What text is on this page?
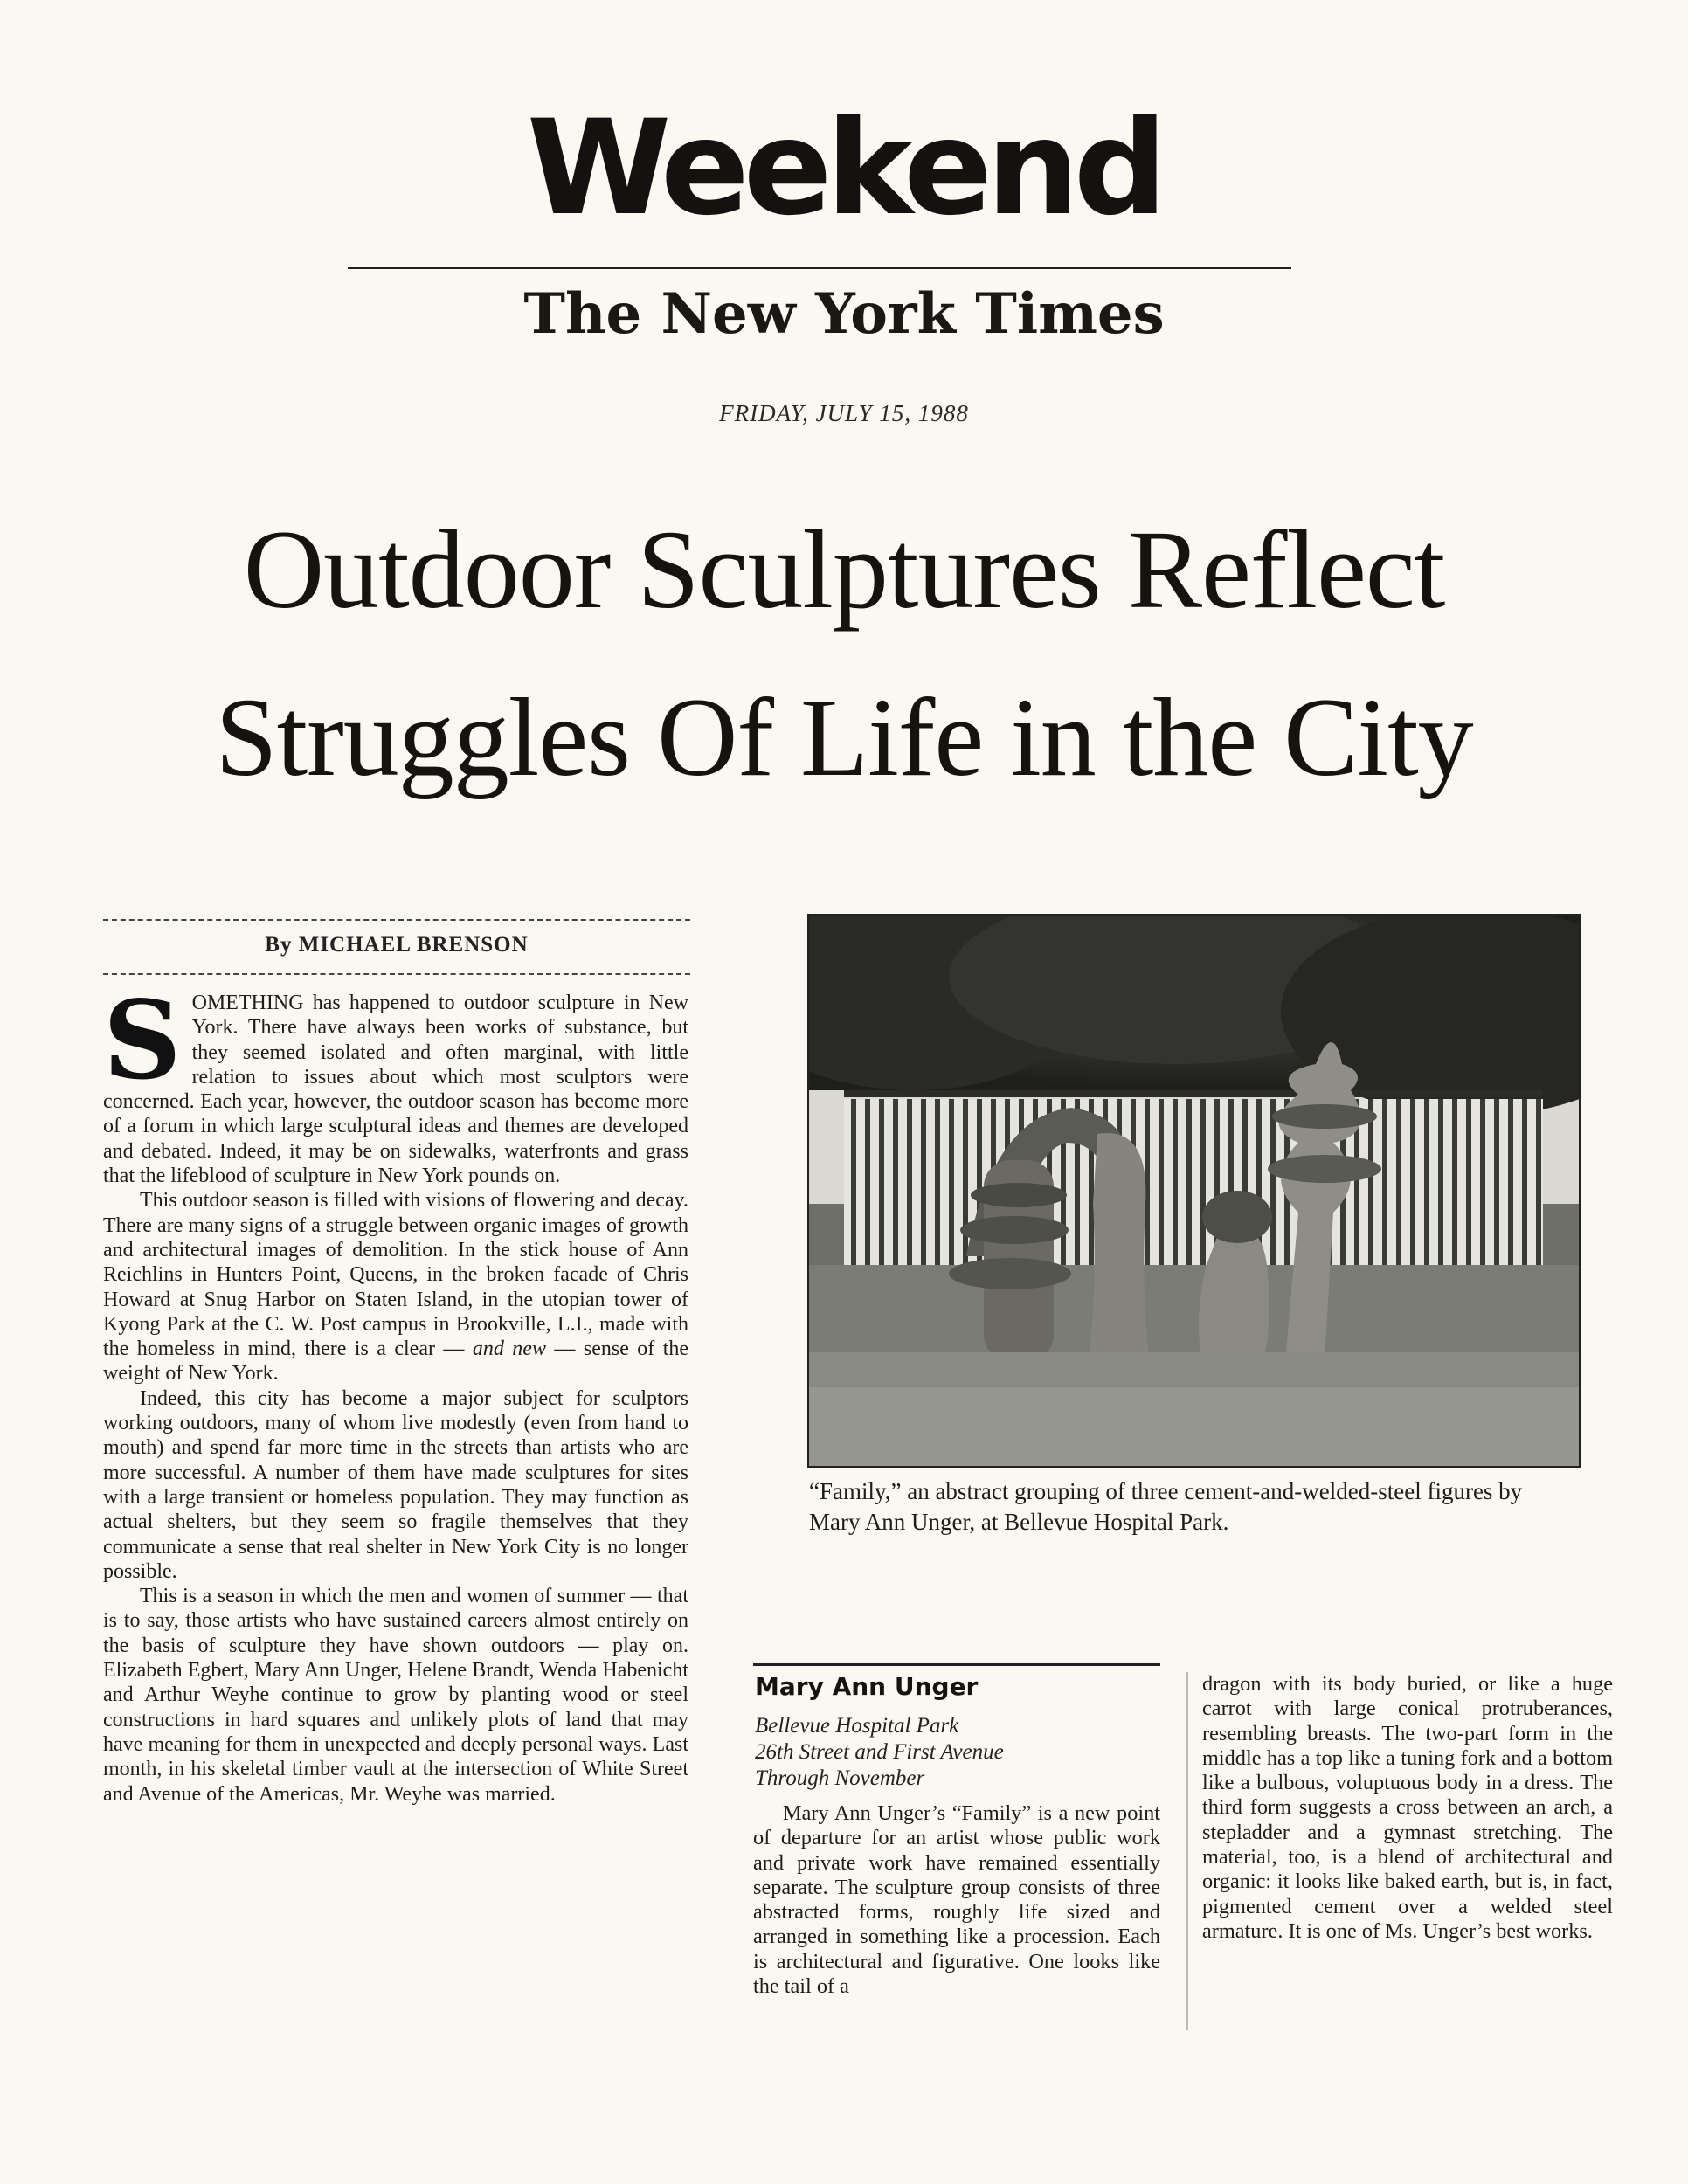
Weekend
The New York Times
FRIDAY, JULY 15, 1988
Outdoor Sculptures Reflect
Struggles Of Life in the City
By MICHAEL BRENSON

SOMETHING has happened to outdoor sculpture in New York. There have always been works of substance, but they seemed isolated and often marginal, with little relation to issues about which most sculptors were concerned. Each year, however, the outdoor season has become more of a forum in which large sculptural ideas and themes are developed and debated. Indeed, it may be on sidewalks, waterfronts and grass that the lifeblood of sculpture in New York pounds on.

This outdoor season is filled with visions of flowering and decay. There are many signs of a struggle between organic images of growth and architectural images of demolition. In the stick house of Ann Reichlins in Hunters Point, Queens, in the broken facade of Chris Howard at Snug Harbor on Staten Island, in the utopian tower of Kyong Park at the C. W. Post campus in Brookville, L.I., made with the homeless in mind, there is a clear — and new — sense of the weight of New York.

Indeed, this city has become a major subject for sculptors working outdoors, many of whom live modestly (even from hand to mouth) and spend far more time in the streets than artists who are more successful. A number of them have made sculptures for sites with a large transient or homeless population. They may function as actual shelters, but they seem so fragile themselves that they communicate a sense that real shelter in New York City is no longer possible.

This is a season in which the men and women of summer — that is to say, those artists who have sustained careers almost entirely on the basis of sculpture they have shown outdoors — play on. Elizabeth Egbert, Mary Ann Unger, Helene Brandt, Wenda Habenicht and Arthur Weyhe continue to grow by planting wood or steel constructions in hard squares and unlikely plots of land that may have meaning for them in unexpected and deeply personal ways. Last month, in his skeletal timber vault at the intersection of White Street and Avenue of the Americas, Mr. Weyhe was married.

“Family,” an abstract grouping of three cement-and-welded-steel figures by Mary Ann Unger, at Bellevue Hospital Park.
Mary Ann Unger
Bellevue Hospital Park
26th Street and First Avenue
Through November

Mary Ann Unger’s “Family” is a new point of departure for an artist whose public work and private work have remained essentially separate. The sculpture group consists of three abstracted forms, roughly life sized and arranged in something like a procession. Each is architectural and figurative. One looks like the tail of a

dragon with its body buried, or like a huge carrot with large conical protruberances, resembling breasts. The two-part form in the middle has a top like a tuning fork and a bottom like a bulbous, voluptuous body in a dress. The third form suggests a cross between an arch, a stepladder and a gymnast stretching. The material, too, is a blend of architectural and organic: it looks like baked earth, but is, in fact, pigmented cement over a welded steel armature. It is one of Ms. Unger’s best works.
